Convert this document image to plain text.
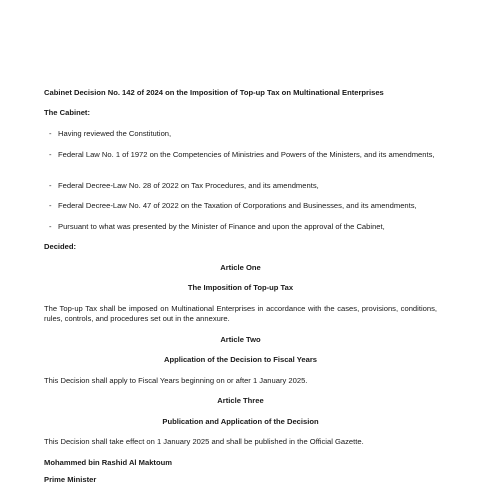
Cabinet Decision No. 142 of 2024 on the Imposition of Top-up Tax on Multinational Enterprises
The Cabinet:
- Having reviewed the Constitution,
- Federal Law No. 1 of 1972 on the Competencies of Ministries and Powers of the Ministers, and its amendments,
- Federal Decree-Law No. 28 of 2022 on Tax Procedures, and its amendments,
- Federal Decree-Law No. 47 of 2022 on the Taxation of Corporations and Businesses, and its amendments,
- Pursuant to what was presented by the Minister of Finance and upon the approval of the Cabinet,
Decided:
Article One
The Imposition of Top-up Tax
The Top-up Tax shall be imposed on Multinational Enterprises in accordance with the cases, provisions, conditions, rules, controls, and procedures set out in the annexure.
Article Two
Application of the Decision to Fiscal Years
This Decision shall apply to Fiscal Years beginning on or after 1 January 2025.
Article Three
Publication and Application of the Decision
This Decision shall take effect on 1 January 2025 and shall be published in the Official Gazette.
Mohammed bin Rashid Al Maktoum
Prime Minister
